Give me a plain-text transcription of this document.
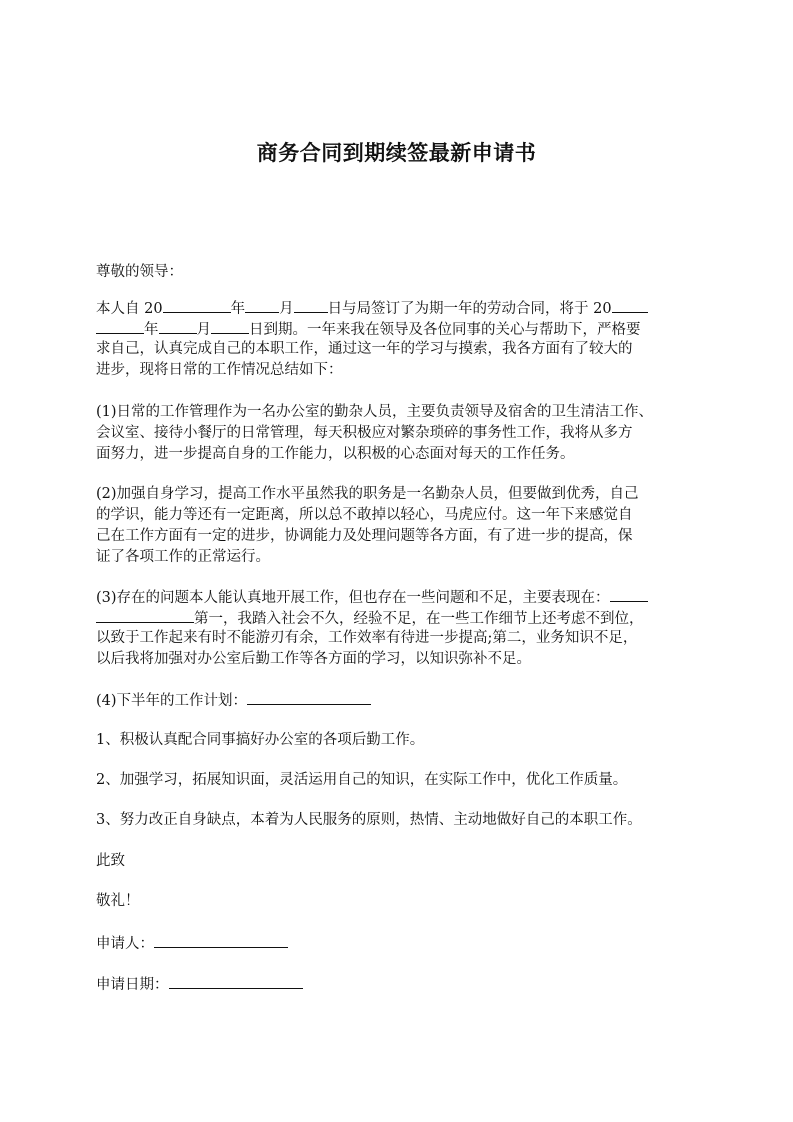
商务合同到期续签最新申请书

尊敬的领导：

本人自 20	年 月 日与局签订了为期一年的劳动合同，将于 20
年	月	日到期。一年来我在领导及各位同事的关心与帮助下，严格要
求自己，认真完成自己的本职工作，通过这一年的学习与摸索，我各方面有了较大的
进步，现将日常的工作情况总结如下：
(1)日常的工作管理作为一名办公室的勤杂人员，主要负责领导及宿舍的卫生清洁工作、
会议室、接待小餐厅的日常管理，每天积极应对繁杂琐碎的事务性工作，我将从多方
面努力，进一步提高自身的工作能力，以积极的心态面对每天的工作任务。
(2)加强自身学习，提高工作水平虽然我的职务是一名勤杂人员，但要做到优秀，自己
的学识，能力等还有一定距离，所以总不敢掉以轻心，马虎应付。这一年下来感觉自
己在工作方面有一定的进步，协调能力及处理问题等各方面，有了进一步的提高，保
证了各项工作的正常运行。
(3)存在的问题本人能认真地开展工作，但也存在一些问题和不足，主要表现在：
第一，我踏入社会不久，经验不足，在一些工作细节上还考虑不到位，
以致于工作起来有时不能游刃有余，工作效率有待进一步提高;第二，业务知识不足，
以后我将加强对办公室后勤工作等各方面的学习，以知识弥补不足。
(4)下半年的工作计划：

1、积极认真配合同事搞好办公室的各项后勤工作。

2、加强学习，拓展知识面，灵活运用自己的知识，在实际工作中，优化工作质量。

3、努力改正自身缺点，本着为人民服务的原则，热情、主动地做好自己的本职工作。

此致

敬礼！

申请人：
申请日期：
